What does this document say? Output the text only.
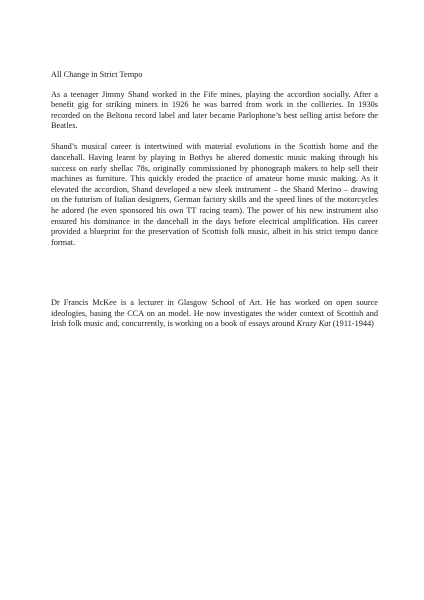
All Change in Strict Tempo

As a teenager Jimmy Shand worked in the Fife mines, playing the accordion socially. After a benefit gig for striking miners in 1926 he was barred from work in the collieries. In 1930s recorded on the Beltona record label and later became Parlophone’s best selling artist before the Beatles.

Shand’s musical career is intertwined with material evolutions in the Scottish home and the dancehall. Having learnt by playing in Bothys he altered domestic music making through his success on early shellac 78s, originally commissioned by phonograph makers to help sell their machines as furniture. This quickly eroded the practice of amateur home music making. As it elevated the accordion, Shand developed a new sleek instrument – the Shand Merino – drawing on the futurism of Italian designers, German factory skills and the speed lines of the motorcycles he adored (he even sponsored his own TT racing team). The power of his new instrument also ensured his dominance in the dancehall in the days before electrical amplification. His career provided a blueprint for the preservation of Scottish folk music, albeit in his strict tempo dance format.

Dr Francis McKee is a lecturer in Glasgow School of Art. He has worked on open source ideologies, basing the CCA on an model. He now investigates the wider context of Scottish and Irish folk music and, concurrently, is working on a book of essays around Krazy Kat (1911-1944)
